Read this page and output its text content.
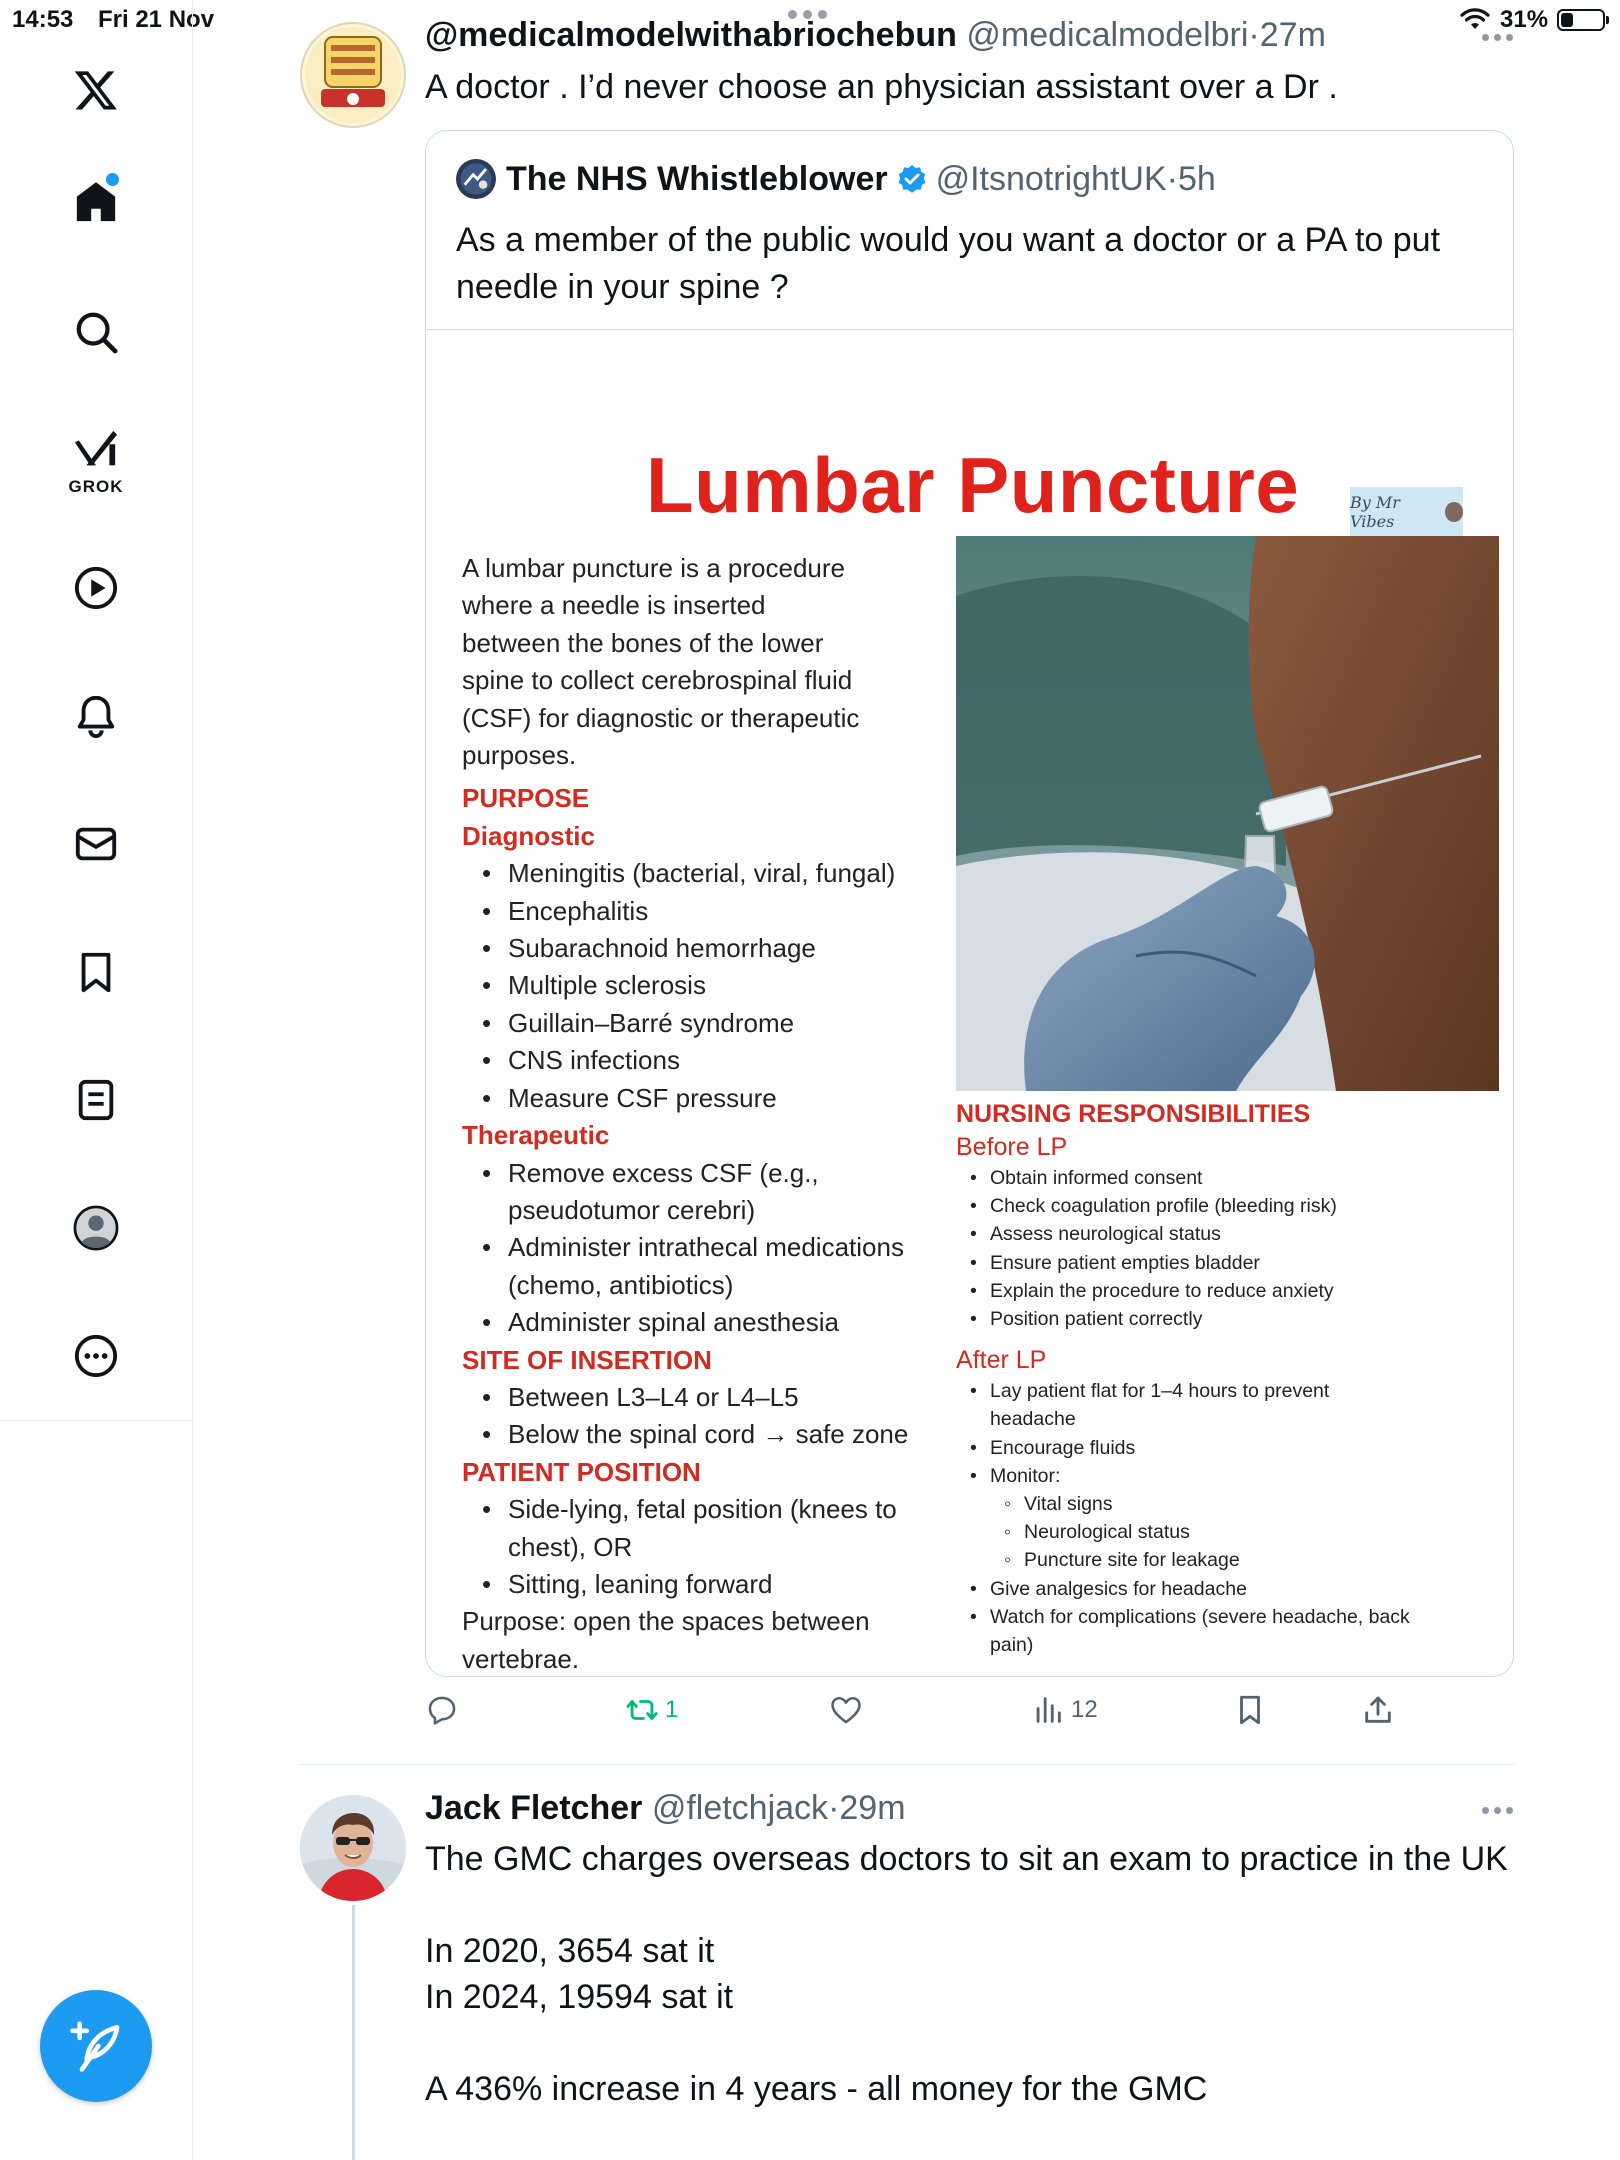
14:53 Fri 21 Nov	31%
GROK
@medicalmodelwithabriochebun @medicalmodelbri·27m
A doctor . I’d never choose an physician assistant over a Dr .
The NHS Whistleblower @ItsnotrightUK · 5h
As a member of the public would you want a doctor or a PA to put needle in your spine ?
Lumbar Puncture	By Mr Vibes
A lumbar puncture is a procedure
where a needle is inserted
between the bones of the lower
spine to collect cerebrospinal fluid
(CSF) for diagnostic or therapeutic
purposes.
PURPOSE
Diagnostic
• Meningitis (bacterial, viral, fungal)
• Encephalitis
• Subarachnoid hemorrhage
• Multiple sclerosis
• Guillain–Barré syndrome
• CNS infections
• Measure CSF pressure
Therapeutic
• Remove excess CSF (e.g., pseudotumor cerebri)
• Administer intrathecal medications (chemo, antibiotics)
• Administer spinal anesthesia
SITE OF INSERTION
• Between L3–L4 or L4–L5
• Below the spinal cord → safe zone
PATIENT POSITION
• Side-lying, fetal position (knees to chest), OR
• Sitting, leaning forward
Purpose: open the spaces between vertebrae.
NURSING RESPONSIBILITIES
Before LP
• Obtain informed consent
• Check coagulation profile (bleeding risk)
• Assess neurological status
• Ensure patient empties bladder
• Explain the procedure to reduce anxiety
• Position patient correctly
After LP
• Lay patient flat for 1–4 hours to prevent headache
• Encourage fluids
• Monitor:
◦ Vital signs
◦ Neurological status
◦ Puncture site for leakage
• Give analgesics for headache
• Watch for complications (severe headache, back pain)
1	12
Jack Fletcher @fletchjack·29m
The GMC charges overseas doctors to sit an exam to practice in the UK
In 2020, 3654 sat it
In 2024, 19594 sat it
A 436% increase in 4 years - all money for the GMC
